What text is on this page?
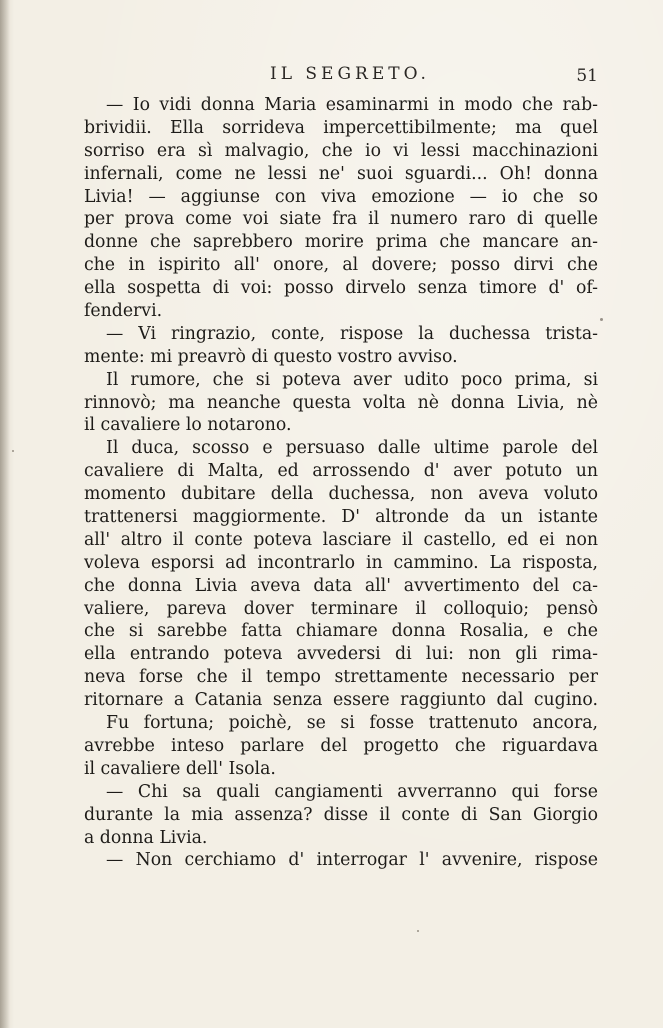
IL SEGRETO.	51
— Io vidi donna Maria esaminarmi in modo che rab-
brividii. Ella sorrideva impercettibilmente; ma quel
sorriso era sì malvagio, che io vi lessi macchinazioni
infernali, come ne lessi ne' suoi sguardi... Oh! donna
Livia! — aggiunse con viva emozione — io che so
per prova come voi siate fra il numero raro di quelle
donne che saprebbero morire prima che mancare an-
che in ispirito all' onore, al dovere; posso dirvi che
ella sospetta di voi: posso dirvelo senza timore d' of-
fendervi.
— Vi ringrazio, conte, rispose la duchessa trista-
mente: mi preavrò di questo vostro avviso.
Il rumore, che si poteva aver udito poco prima, si
rinnovò; ma neanche questa volta nè donna Livia, nè
il cavaliere lo notarono.
Il duca, scosso e persuaso dalle ultime parole del
cavaliere di Malta, ed arrossendo d' aver potuto un
momento dubitare della duchessa, non aveva voluto
trattenersi maggiormente. D' altronde da un istante
all' altro il conte poteva lasciare il castello, ed ei non
voleva esporsi ad incontrarlo in cammino. La risposta,
che donna Livia aveva data all' avvertimento del ca-
valiere, pareva dover terminare il colloquio; pensò
che si sarebbe fatta chiamare donna Rosalia, e che
ella entrando poteva avvedersi di lui: non gli rima-
neva forse che il tempo strettamente necessario per
ritornare a Catania senza essere raggiunto dal cugino.
Fu fortuna; poichè, se si fosse trattenuto ancora,
avrebbe inteso parlare del progetto che riguardava
il cavaliere dell' Isola.
— Chi sa quali cangiamenti avverranno qui forse
durante la mia assenza? disse il conte di San Giorgio
a donna Livia.
— Non cerchiamo d' interrogar l' avvenire, rispose
